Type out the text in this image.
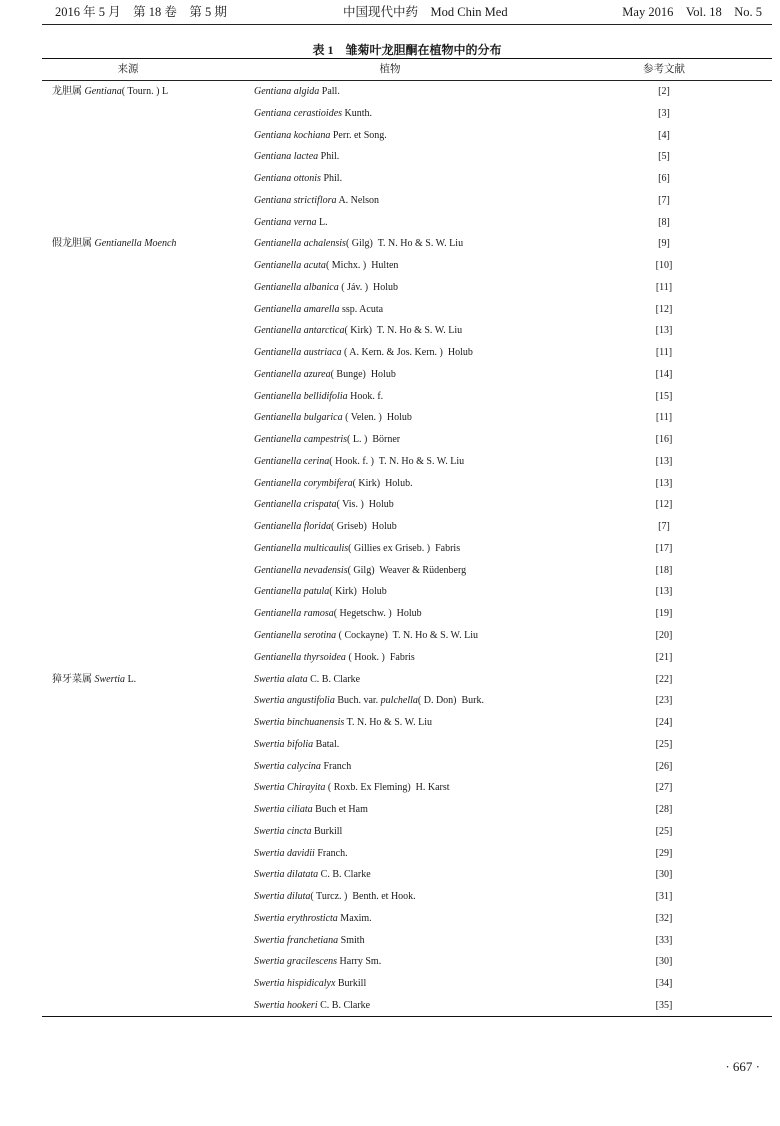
2016 年 5 月　第 18 卷　第 5 期	中国现代中药　Mod Chin Med	May 2016　Vol. 18　No. 5
表 1　雏菊叶龙胆酮在植物中的分布
来源	植物	参考文献
龙胆属 Gentiana( Tourn. ) L	Gentiana algida Pall.	[2]
Gentiana cerastioides Kunth.	[3]
Gentiana kochiana Perr. et Song.	[4]
Gentiana lactea Phil.	[5]
Gentiana ottonis Phil.	[6]
Gentiana strictiflora A. Nelson	[7]
Gentiana verna L.	[8]
假龙胆属 Gentianella Moench	Gentianella achalensis( Gilg)  T. N. Ho & S. W. Liu	[9]
Gentianella acuta( Michx. )  Hulten	[10]
Gentianella albanica ( Jáv. )  Holub	[11]
Gentianella amarella ssp. Acuta	[12]
Gentianella antarctica( Kirk)  T. N. Ho & S. W. Liu	[13]
Gentianella austriaca ( A. Kern. & Jos. Kern. )  Holub	[11]
Gentianella azurea( Bunge)  Holub	[14]
Gentianella bellidifolia Hook. f.	[15]
Gentianella bulgarica ( Velen. )  Holub	[11]
Gentianella campestris( L. )  Börner	[16]
Gentianella cerina( Hook. f. )  T. N. Ho & S. W. Liu	[13]
Gentianella corymbifera( Kirk)  Holub.	[13]
Gentianella crispata( Vis. )  Holub	[12]
Gentianella florida( Griseb)  Holub	[7]
Gentianella multicaulis( Gillies ex Griseb. )  Fabris	[17]
Gentianella nevadensis( Gilg)  Weaver & Rüdenberg	[18]
Gentianella patula( Kirk)  Holub	[13]
Gentianella ramosa( Hegetschw. )  Holub	[19]
Gentianella serotina ( Cockayne)  T. N. Ho & S. W. Liu	[20]
Gentianella thyrsoidea ( Hook. )  Fabris	[21]
獐牙菜属 Swertia L.	Swertia alata C. B. Clarke	[22]
Swertia angustifolia Buch. var. pulchella( D. Don)  Burk.	[23]
Swertia binchuanensis T. N. Ho & S. W. Liu	[24]
Swertia bifolia Batal.	[25]
Swertia calycina Franch	[26]
Swertia Chirayita ( Roxb. Ex Fleming)  H. Karst	[27]
Swertia ciliata Buch et Ham	[28]
Swertia cincta Burkill	[25]
Swertia davidii Franch.	[29]
Swertia dilatata C. B. Clarke	[30]
Swertia diluta( Turcz. )  Benth. et Hook.	[31]
Swertia erythrosticta Maxim.	[32]
Swertia franchetiana Smith	[33]
Swertia gracilescens Harry Sm.	[30]
Swertia hispidicalyx Burkill	[34]
Swertia hookeri C. B. Clarke	[35]
· 667 ·
